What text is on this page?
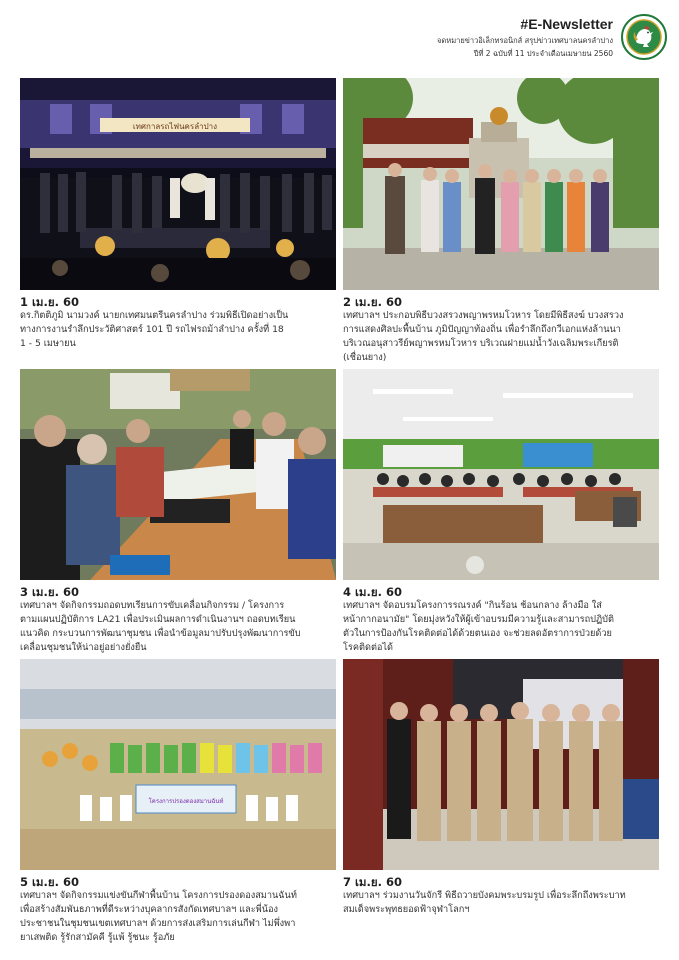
#E-Newsletter
จดหมายข่าวอิเล็กทรอนิกส์ สรุปข่าวเทศบาลนครลำปาง
ปีที่ 2 ฉบับที่ 11 ประจำเดือนเมษายน 2560
เทศกาลรถไฟนครลำปาง
1 เม.ย. 60
ดร.กิตติภูมิ นามวงค์ นายกเทศมนตรีนครลำปาง ร่วมพิธีเปิดอย่างเป็น
ทางการงานรำลึกประวัติศาสตร์ 101 ปี รถไฟรถม้าลำปาง ครั้งที่ 18
1 - 5 เมษายน
2 เม.ย. 60
เทศบาลฯ ประกอบพิธีบวงสรวงพญาพรหมโวหาร โดยมีพิธีสงฆ์ บวงสรวง
การแสดงศิลปะพื้นบ้าน ภูมิปัญญาท้องถิ่น เพื่อรำลึกถึงกวีเอกแห่งล้านนา
บริเวณอนุสาวรีย์พญาพรหมโวหาร บริเวณฝายแม่น้ำวังเฉลิมพระเกียรติ
(เชื่อนยาง)
3 เม.ย. 60
เทศบาลฯ จัดกิจกรรมถอดบทเรียนการขับเคลื่อนกิจกรรม / โครงการ
ตามแผนปฏิบัติการ LA21 เพื่อประเมินผลการดำเนินงานฯ ถอดบทเรียน
แนวคิด กระบวนการพัฒนาชุมชน เพื่อนำข้อมูลมาปรับปรุงพัฒนาการขับ
เคลื่อนชุมชนให้น่าอยู่อย่างยั่งยืน
4 เม.ย. 60
เทศบาลฯ จัดอบรมโครงการรณรงค์ "กินร้อน ช้อนกลาง ล้างมือ ใส่
หน้ากากอนามัย" โดยมุ่งหวังให้ผู้เข้าอบรมมีความรู้และสามารถปฏิบัติ
ตัวในการป้องกันโรคติดต่อได้ด้วยตนเอง จะช่วยลดอัตราการป่วยด้วย
โรคติดต่อได้
โครงการปรองดองสมานฉันท์
5 เม.ย. 60
เทศบาลฯ จัดกิจกรรมแข่งขันกีฬาพื้นบ้าน โครงการปรองดองสมานฉันท์
เพื่อสร้างสัมพันธภาพที่ดีระหว่างบุคลากรสังกัดเทศบาลฯ และพี่น้อง
ประชาชนในชุมชนเขตเทศบาลฯ ด้วยการส่งเสริมการเล่นกีฬา ไม่พึ่งพา
ยาเสพติด รู้รักสามัคคี รู้แพ้ รู้ชนะ รู้อภัย
7 เม.ย. 60
เทศบาลฯ ร่วมงานวันจักรี พิธีถวายบังคมพระบรมรูป เพื่อระลึกถึงพระบาท
สมเด็จพระพุทธยอดฟ้าจุฬาโลกฯ
